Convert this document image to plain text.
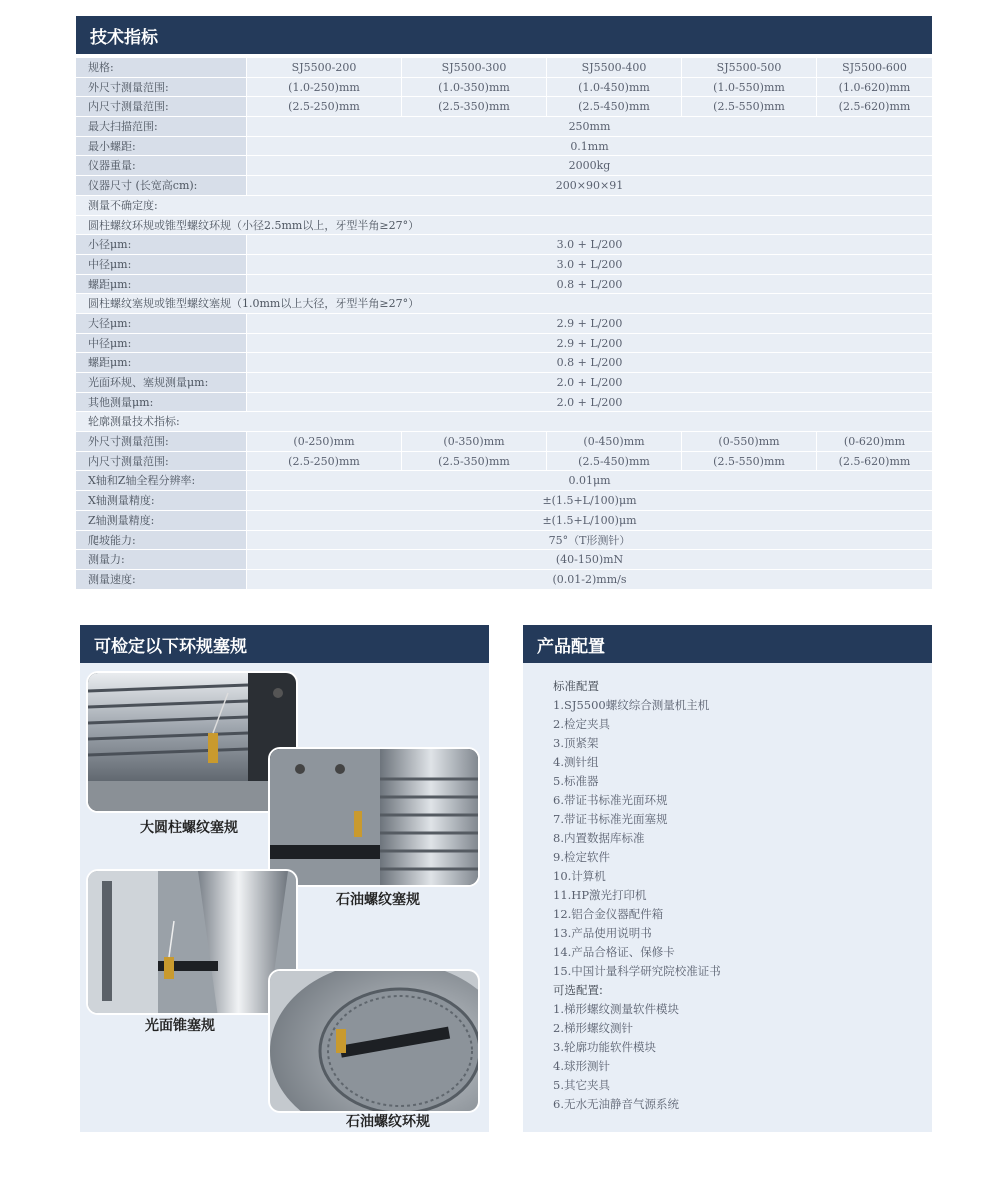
技术指标
规格:	SJ5500-200	SJ5500-300	SJ5500-400	SJ5500-500	SJ5500-600
外尺寸测量范围:	(1.0-250)mm	(1.0-350)mm	(1.0-450)mm	(1.0-550)mm	(1.0-620)mm
内尺寸测量范围:	(2.5-250)mm	(2.5-350)mm	(2.5-450)mm	(2.5-550)mm	(2.5-620)mm
最大扫描范围:	250mm
最小螺距:	0.1mm
仪器重量:	2000kg
仪器尺寸 (长宽高cm):	200×90×91
测量不确定度:
圆柱螺纹环规或锥型螺纹环规（小径2.5mm以上，牙型半角≥27°）
小径μm:	3.0 + L/200
中径μm:	3.0 + L/200
螺距μm:	0.8 + L/200
圆柱螺纹塞规或锥型螺纹塞规（1.0mm以上大径，牙型半角≥27°）
大径μm:	2.9 + L/200
中径μm:	2.9 + L/200
螺距μm:	0.8 + L/200
光面环规、塞规测量μm:	2.0 + L/200
其他测量μm:	2.0 + L/200
轮廓测量技术指标:
外尺寸测量范围:	(0-250)mm	(0-350)mm	(0-450)mm	(0-550)mm	(0-620)mm
内尺寸测量范围:	(2.5-250)mm	(2.5-350)mm	(2.5-450)mm	(2.5-550)mm	(2.5-620)mm
X轴和Z轴全程分辨率:	0.01μm
X轴测量精度:	±(1.5+L/100)μm
Z轴测量精度:	±(1.5+L/100)μm
爬坡能力:	75°（T形测针）
测量力:	(40-150)mN
测量速度:	(0.01-2)mm/s
可检定以下环规塞规
大圆柱螺纹塞规
石油螺纹塞规
光面锥塞规
石油螺纹环规
产品配置
标准配置
1.SJ5500螺纹综合测量机主机
2.检定夹具
3.顶紧架
4.测针组
5.标准器
6.带证书标准光面环规
7.带证书标准光面塞规
8.内置数据库标准
9.检定软件
10.计算机
11.HP激光打印机
12.铝合金仪器配件箱
13.产品使用说明书
14.产品合格证、保修卡
15.中国计量科学研究院校准证书
可选配置:
1.梯形螺纹测量软件模块
2.梯形螺纹测针
3.轮廓功能软件模块
4.球形测针
5.其它夹具
6.无水无油静音气源系统
